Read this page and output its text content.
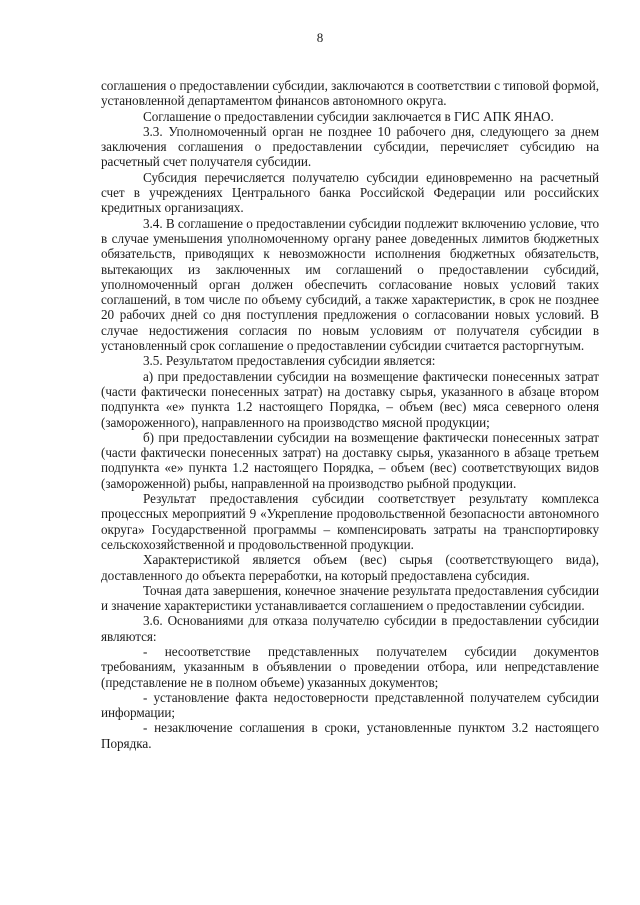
8

соглашения о предоставлении субсидии, заключаются в соответствии с типовой формой, установленной департаментом финансов автономного округа.

Соглашение о предоставлении субсидии заключается в ГИС АПК ЯНАО.

3.3. Уполномоченный орган не позднее 10 рабочего дня, следующего за днем заключения соглашения о предоставлении субсидии, перечисляет субсидию на расчетный счет получателя субсидии.

Субсидия перечисляется получателю субсидии единовременно на расчетный счет в учреждениях Центрального банка Российской Федерации или российских кредитных организациях.

3.4. В соглашение о предоставлении субсидии подлежит включению условие, что в случае уменьшения уполномоченному органу ранее доведенных лимитов бюджетных обязательств, приводящих к невозможности исполнения бюджетных обязательств, вытекающих из заключенных им соглашений о предоставлении субсидий, уполномоченный орган должен обеспечить согласование новых условий таких соглашений, в том числе по объему субсидий, а также характеристик, в срок не позднее 20 рабочих дней со дня поступления предложения о согласовании новых условий. В случае недостижения согласия по новым условиям от получателя субсидии в установленный срок соглашение о предоставлении субсидии считается расторгнутым.

3.5. Результатом предоставления субсидии является:

а) при предоставлении субсидии на возмещение фактически понесенных затрат (части фактически понесенных затрат) на доставку сырья, указанного в абзаце втором подпункта «е» пункта 1.2 настоящего Порядка, – объем (вес) мяса северного оленя (замороженного), направленного на производство мясной продукции;

б) при предоставлении субсидии на возмещение фактически понесенных затрат (части фактически понесенных затрат) на доставку сырья, указанного в абзаце третьем подпункта «е» пункта 1.2 настоящего Порядка, – объем (вес) соответствующих видов (замороженной) рыбы, направленной на производство рыбной продукции.

Результат предоставления субсидии соответствует результату комплекса процессных мероприятий 9 «Укрепление продовольственной безопасности автономного округа» Государственной программы – компенсировать затраты на транспортировку сельскохозяйственной и продовольственной продукции.

Характеристикой является объем (вес) сырья (соответствующего вида), доставленного до объекта переработки, на который предоставлена субсидия.

Точная дата завершения, конечное значение результата предоставления субсидии и значение характеристики устанавливается соглашением о предоставлении субсидии.

3.6. Основаниями для отказа получателю субсидии в предоставлении субсидии являются:

- несоответствие представленных получателем субсидии документов требованиям, указанным в объявлении о проведении отбора, или непредставление (представление не в полном объеме) указанных документов;

- установление факта недостоверности представленной получателем субсидии информации;

- незаключение соглашения в сроки, установленные пунктом 3.2 настоящего Порядка.
